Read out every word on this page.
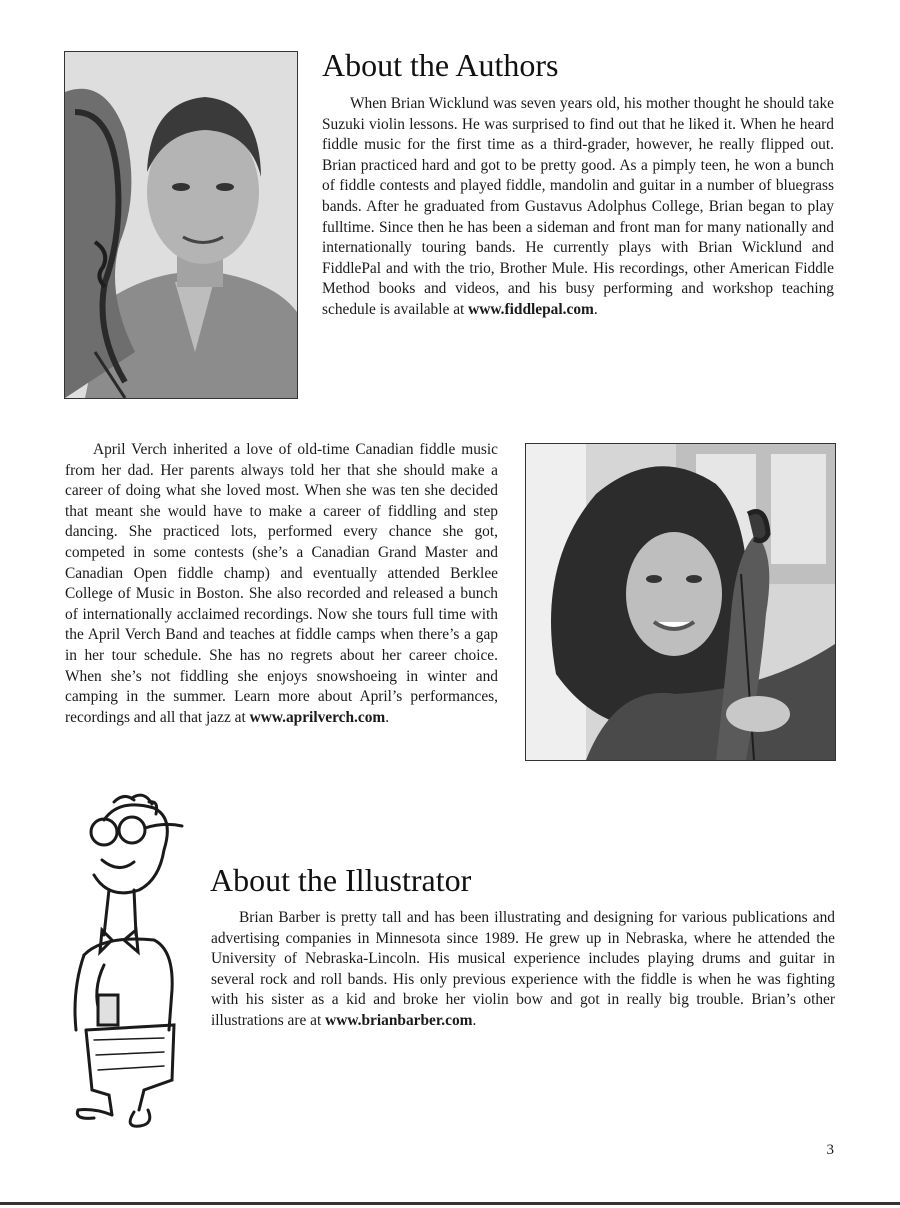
About the Authors

When Brian Wicklund was seven years old, his mother thought he should take Suzuki violin lessons. He was surprised to find out that he liked it. When he heard fiddle music for the first time as a third-grader, however, he really flipped out. Brian practiced hard and got to be pretty good. As a pimply teen, he won a bunch of fiddle contests and played fiddle, mandolin and guitar in a number of bluegrass bands. After he graduated from Gustavus Adolphus College, Brian began to play fulltime. Since then he has been a sideman and front man for many nationally and internationally touring bands. He currently plays with Brian Wicklund and FiddlePal and with the trio, Brother Mule. His recordings, other American Fiddle Method books and videos, and his busy performing and workshop teaching schedule is available at www.fiddlepal.com.

April Verch inherited a love of old-time Canadian fiddle music from her dad. Her parents always told her that she should make a career of doing what she loved most. When she was ten she decided that meant she would have to make a career of fiddling and step dancing. She practiced lots, performed every chance she got, competed in some contests (she’s a Canadian Grand Master and Canadian Open fiddle champ) and eventually attended Berklee College of Music in Boston. She also recorded and released a bunch of internationally acclaimed recordings. Now she tours full time with the April Verch Band and teaches at fiddle camps when there’s a gap in her tour schedule. She has no regrets about her career choice. When she’s not fiddling she enjoys snowshoeing in winter and camping in the summer. Learn more about April’s performances, recordings and all that jazz at www.aprilverch.com.

About the Illustrator

Brian Barber is pretty tall and has been illustrating and designing for various publications and advertising companies in Minnesota since 1989. He grew up in Nebraska, where he attended the University of Nebraska-Lincoln. His musical experience includes playing drums and guitar in several rock and roll bands. His only previous experience with the fiddle is when he was fighting with his sister as a kid and broke her violin bow and got in really big trouble. Brian’s other illustrations are at www.brianbarber.com.

3
